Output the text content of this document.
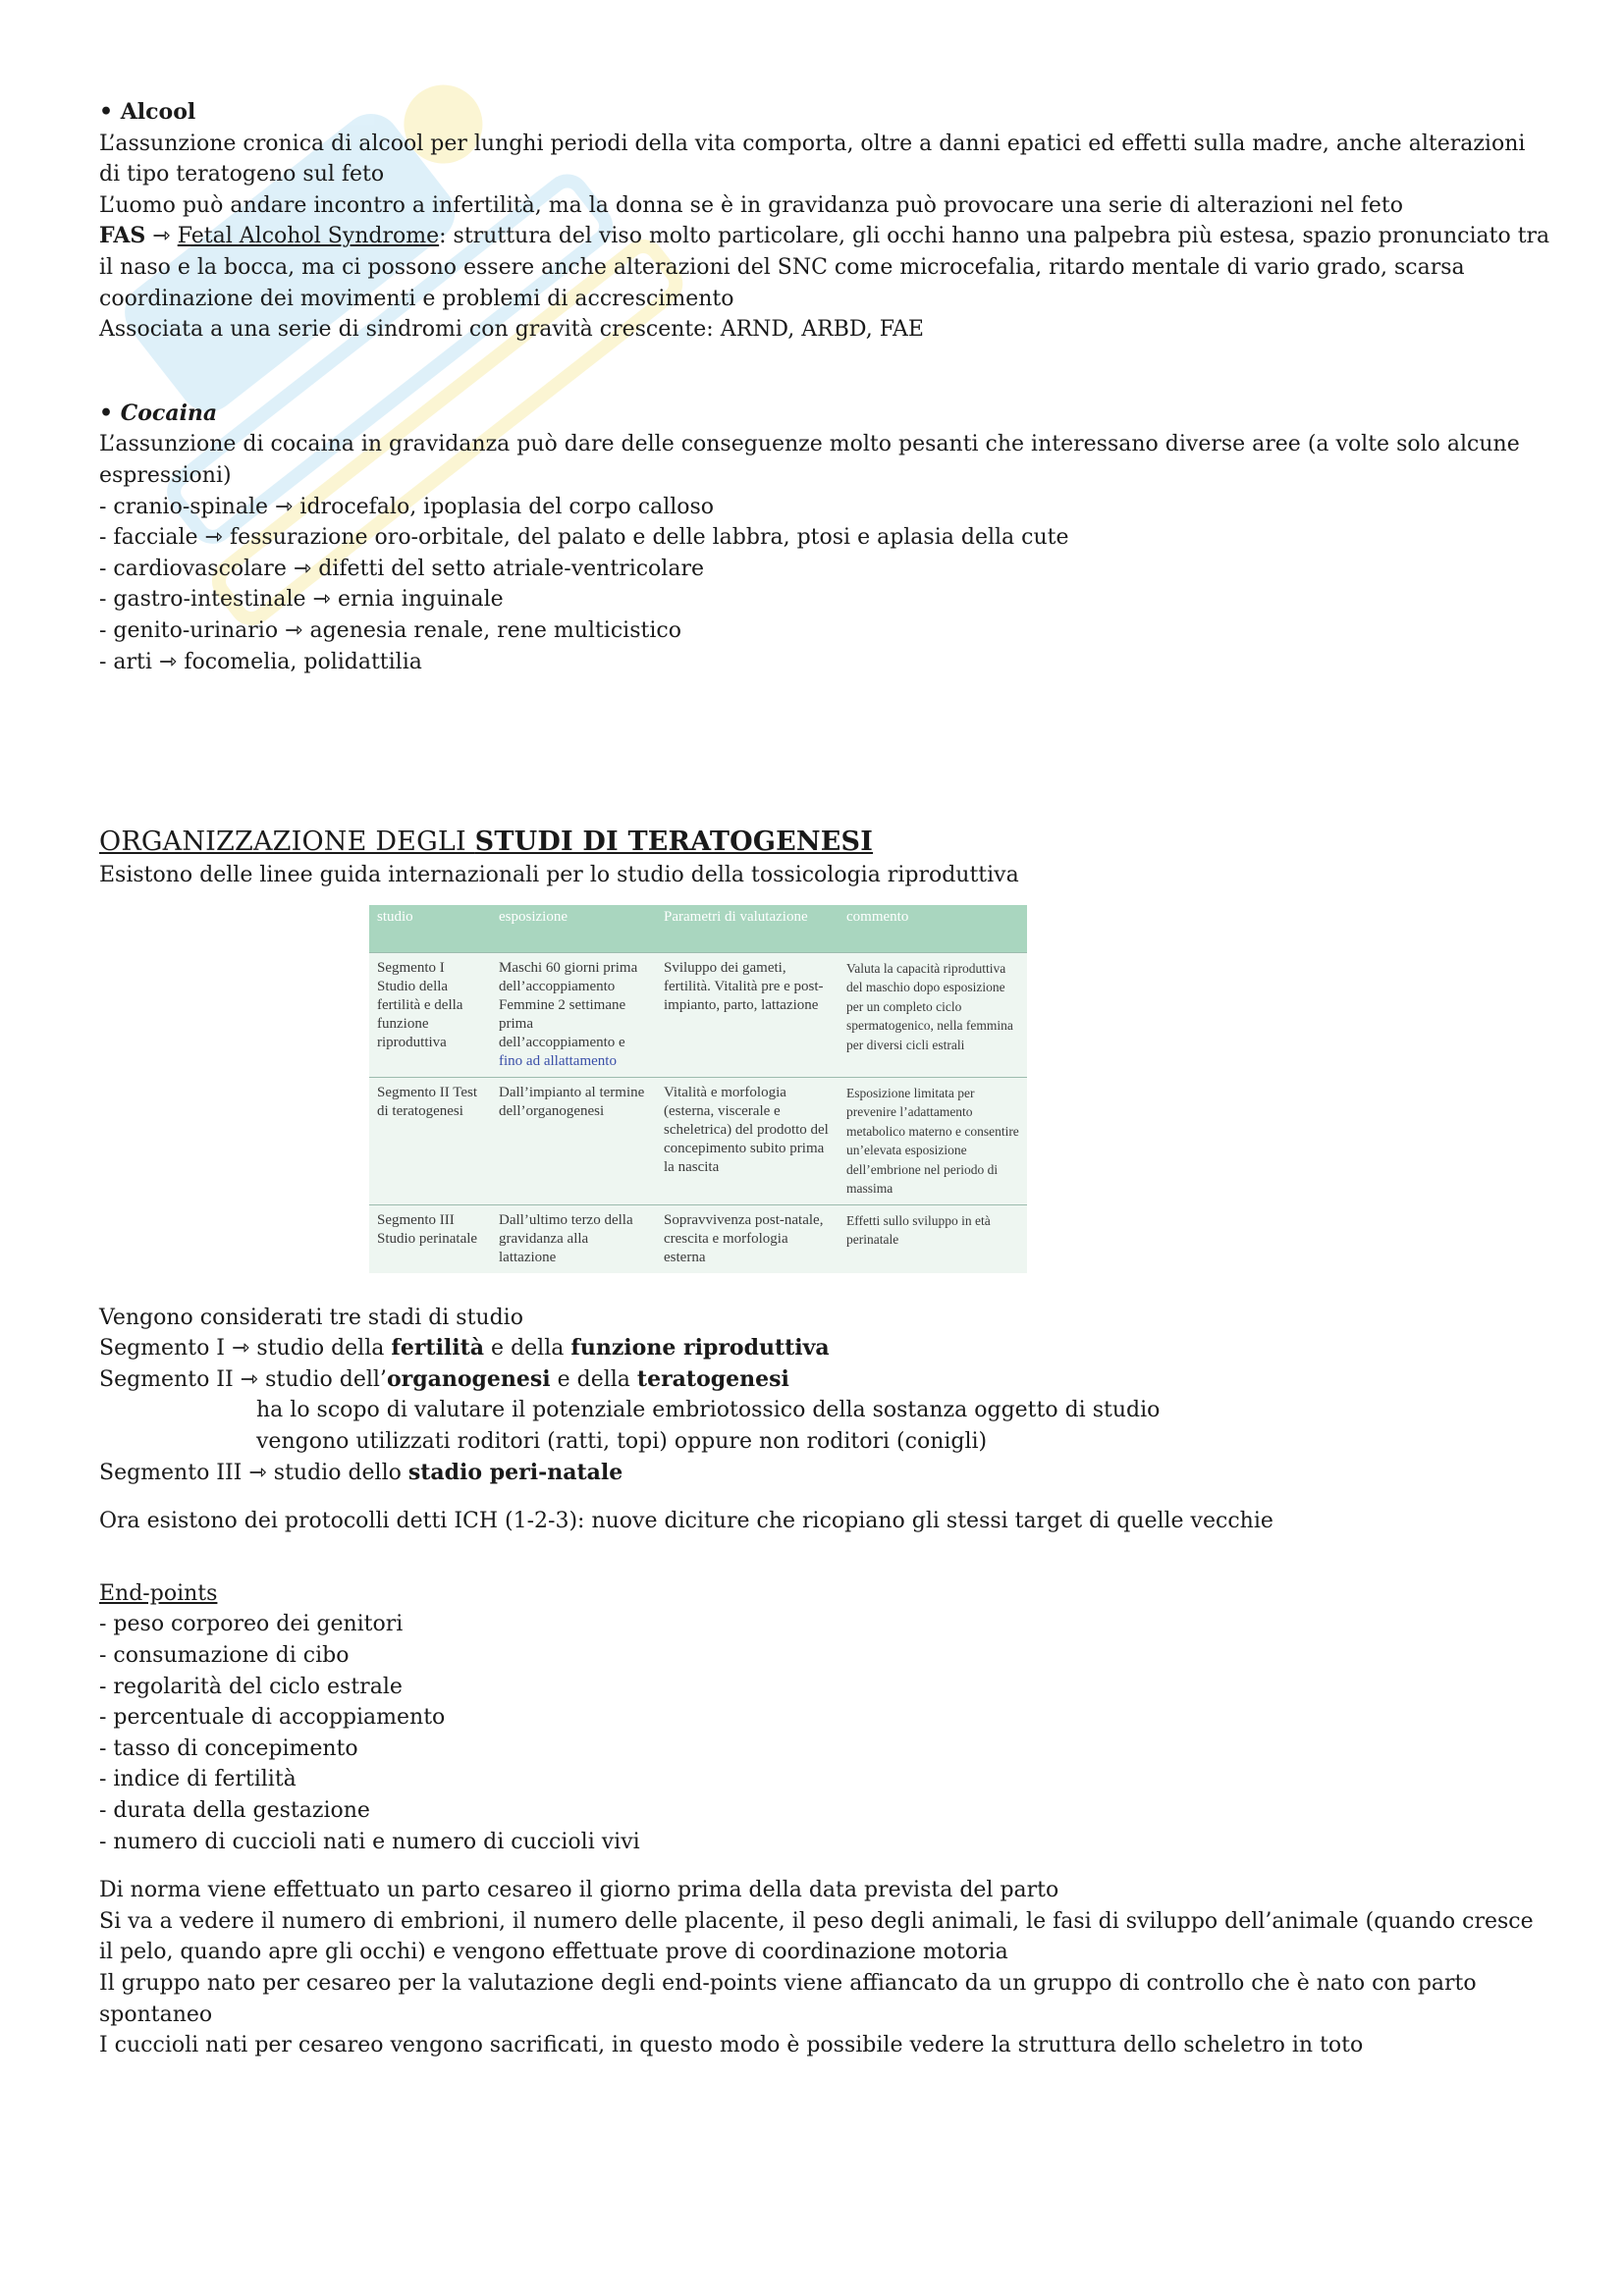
• Alcool

L’assunzione cronica di alcool per lunghi periodi della vita comporta, oltre a danni epatici ed effetti sulla madre, anche alterazioni di tipo teratogeno sul feto

L’uomo può andare incontro a infertilità, ma la donna se è in gravidanza può provocare una serie di alterazioni nel feto

FAS ⇾ Fetal Alcohol Syndrome: struttura del viso molto particolare, gli occhi hanno una palpebra più estesa, spazio pronunciato tra il naso e la bocca, ma ci possono essere anche alterazioni del SNC come microcefalia, ritardo mentale di vario grado, scarsa coordinazione dei movimenti e problemi di accrescimento

Associata a una serie di sindromi con gravità crescente: ARND, ARBD, FAE

• Cocaina

L’assunzione di cocaina in gravidanza può dare delle conseguenze molto pesanti che interessano diverse aree (a volte solo alcune espressioni)

- cranio-spinale ⇾ idrocefalo, ipoplasia del corpo calloso

- facciale ⇾ fessurazione oro-orbitale, del palato e delle labbra, ptosi e aplasia della cute

- cardiovascolare ⇾ difetti del setto atriale-ventricolare

- gastro-intestinale ⇾ ernia inguinale

- genito-urinario ⇾ agenesia renale, rene multicistico

- arti ⇾ focomelia, polidattilia

ORGANIZZAZIONE DEGLI STUDI DI TERATOGENESI

Esistono delle linee guida internazionali per lo studio della tossicologia riproduttiva

studio	esposizione	Parametri di valutazione	commento
Segmento I Studio della fertilità e della funzione riproduttiva	Maschi 60 giorni prima dell’accoppiamento Femmine 2 settimane prima dell’accoppiamento e fino ad allattamento	Sviluppo dei gameti, fertilità. Vitalità pre e post-impianto, parto, lattazione	Valuta la capacità riproduttiva del maschio dopo esposizione per un completo ciclo spermatogenico, nella femmina per diversi cicli estrali
Segmento II Test di teratogenesi	Dall’impianto al termine dell’organogenesi	Vitalità e morfologia (esterna, viscerale e scheletrica) del prodotto del concepimento subito prima la nascita	Esposizione limitata per prevenire l’adattamento metabolico materno e consentire un’elevata esposizione dell’embrione nel periodo di massima
Segmento III Studio perinatale	Dall’ultimo terzo della gravidanza alla lattazione	Sopravvivenza post-natale, crescita e morfologia esterna	Effetti sullo sviluppo in età perinatale

Vengono considerati tre stadi di studio

Segmento I ⇾ studio della fertilità e della funzione riproduttiva

Segmento II ⇾ studio dell’organogenesi e della teratogenesi

ha lo scopo di valutare il potenziale embriotossico della sostanza oggetto di studio

vengono utilizzati roditori (ratti, topi) oppure non roditori (conigli)

Segmento III ⇾ studio dello stadio peri-natale

Ora esistono dei protocolli detti ICH (1-2-3): nuove diciture che ricopiano gli stessi target di quelle vecchie

End-points

- peso corporeo dei genitori

- consumazione di cibo

- regolarità del ciclo estrale

- percentuale di accoppiamento

- tasso di concepimento

- indice di fertilità

- durata della gestazione

- numero di cuccioli nati e numero di cuccioli vivi

Di norma viene effettuato un parto cesareo il giorno prima della data prevista del parto

Si va a vedere il numero di embrioni, il numero delle placente, il peso degli animali, le fasi di sviluppo dell’animale (quando cresce il pelo, quando apre gli occhi) e vengono effettuate prove di coordinazione motoria

Il gruppo nato per cesareo per la valutazione degli end-points viene affiancato da un gruppo di controllo che è nato con parto spontaneo

I cuccioli nati per cesareo vengono sacrificati, in questo modo è possibile vedere la struttura dello scheletro in toto
